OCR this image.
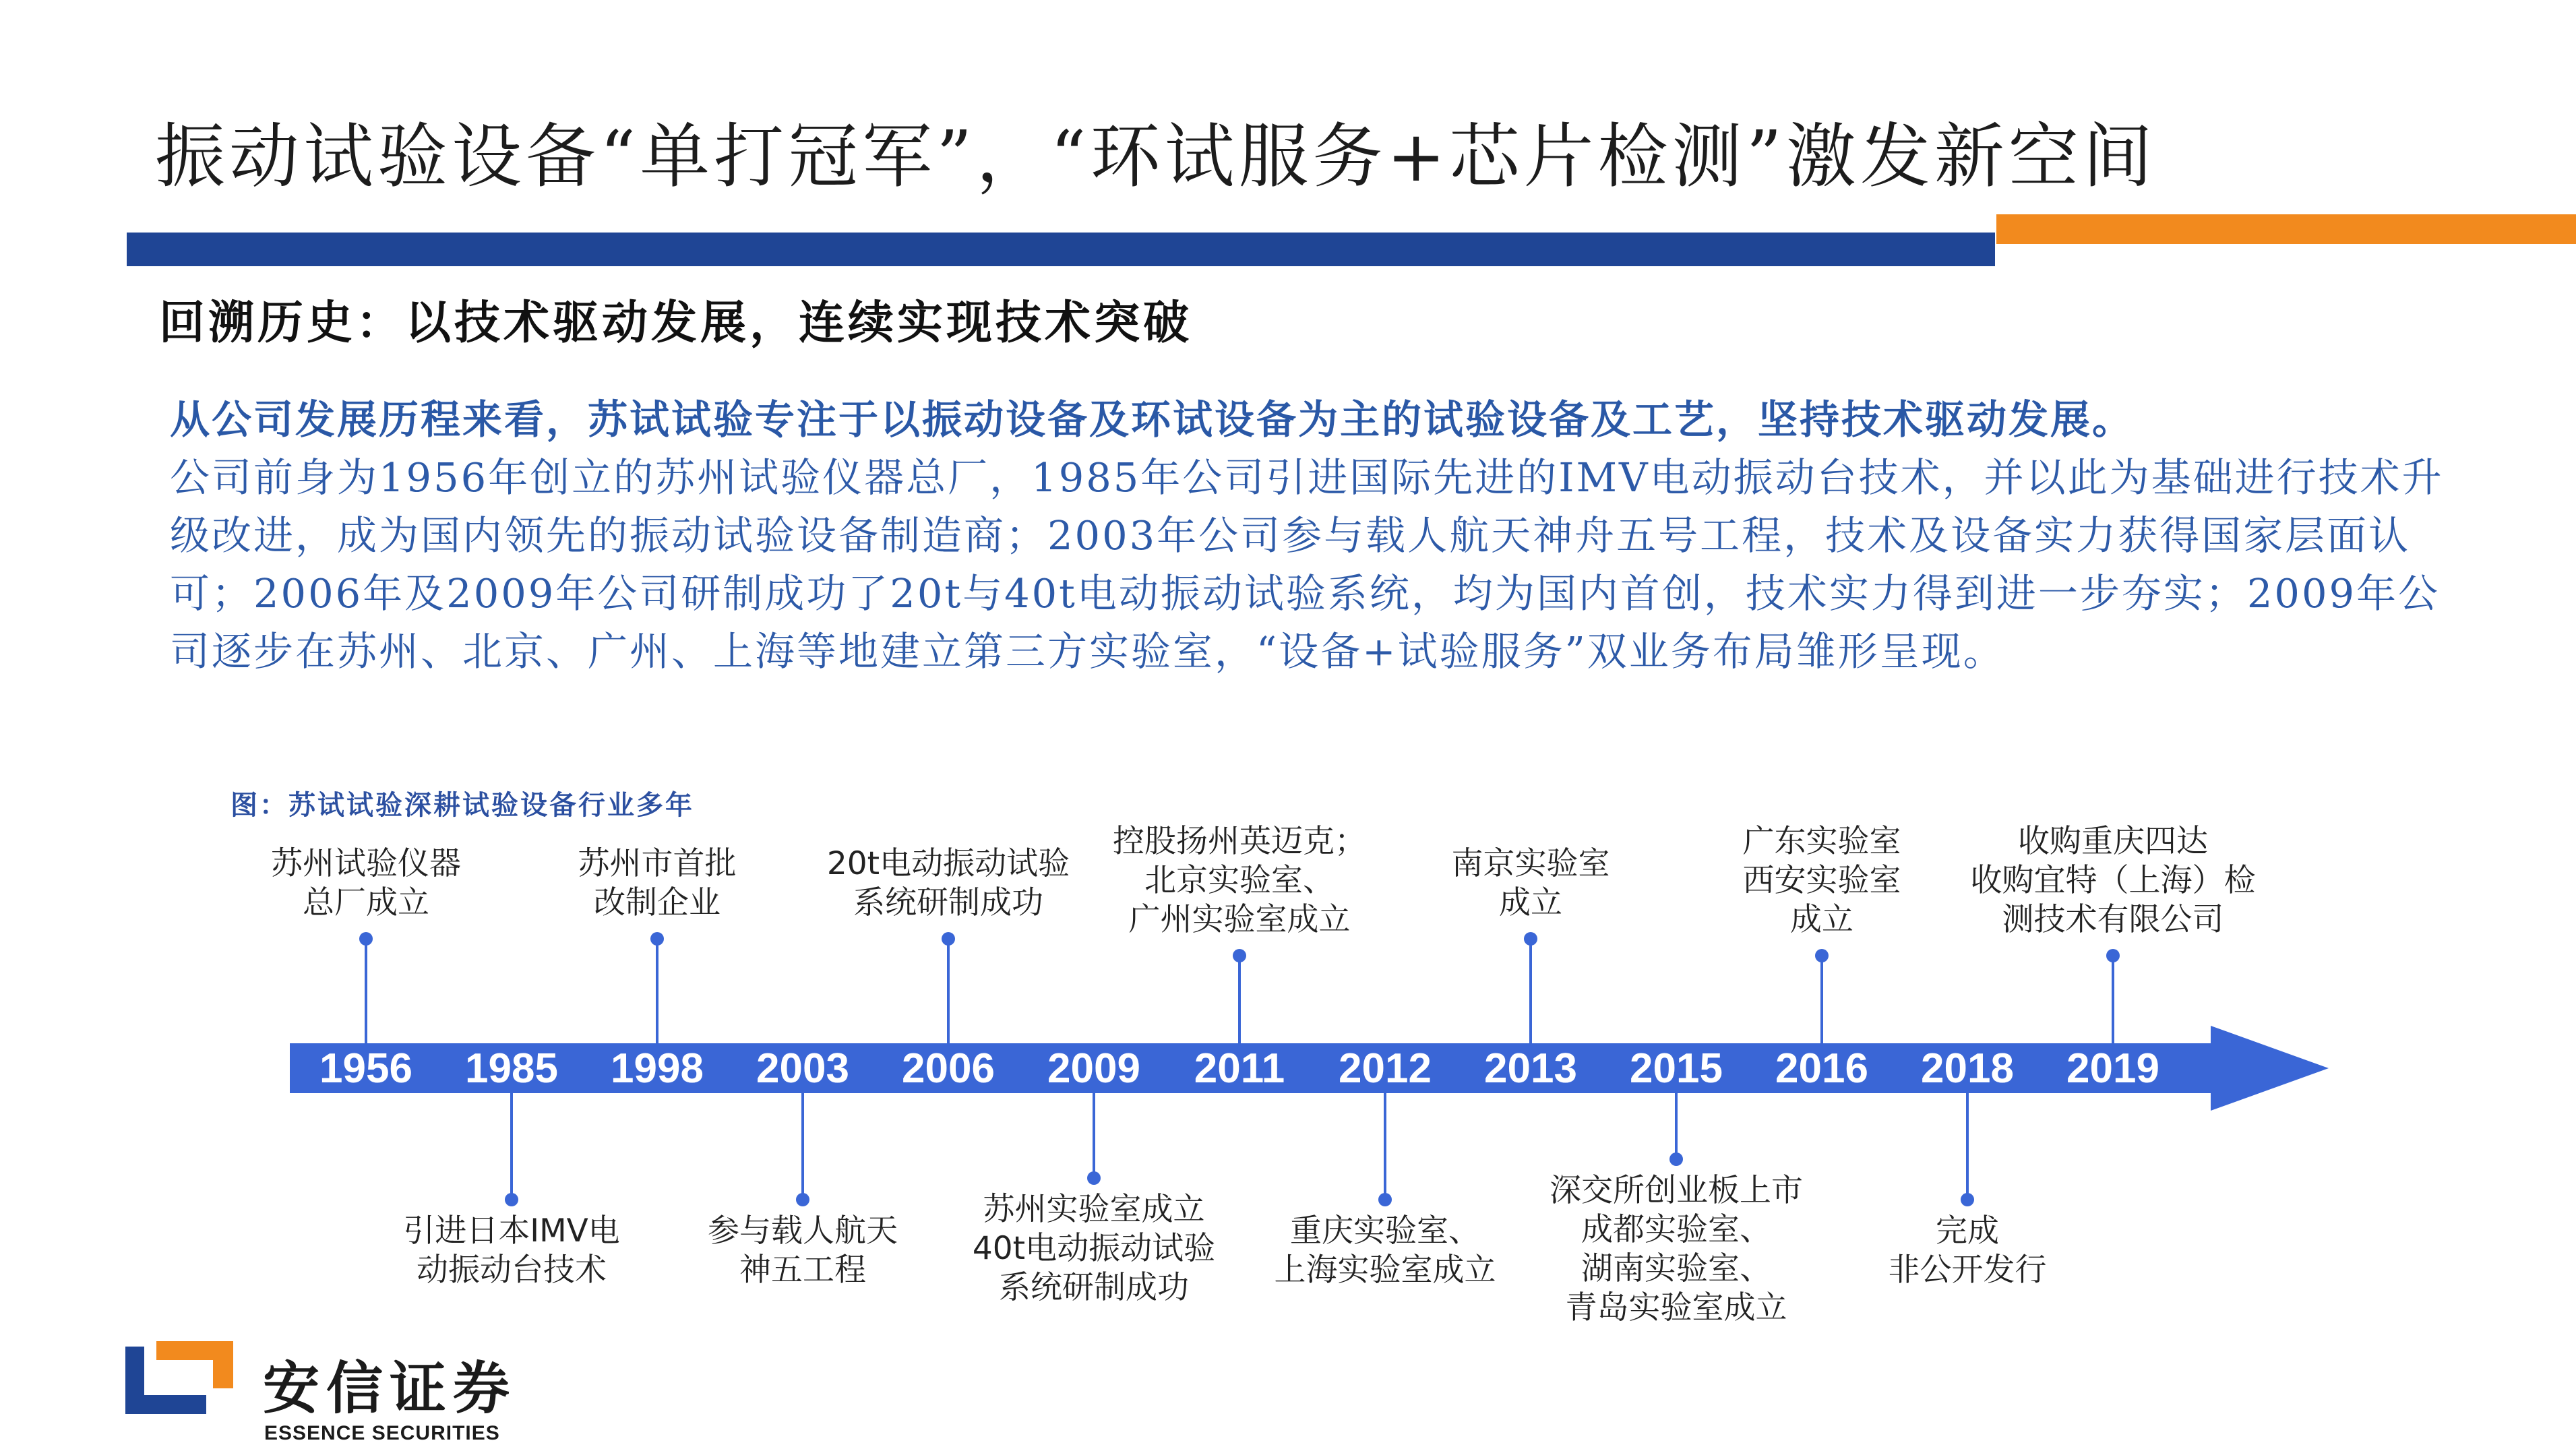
振动试验设备“单打冠军”，“环试服务+芯片检测”激发新空间
回溯历史：以技术驱动发展，连续实现技术突破
从公司发展历程来看，苏试试验专注于以振动设备及环试设备为主的试验设备及工艺，坚持技术驱动发展。
公司前身为1956年创立的苏州试验仪器总厂，1985年公司引进国际先进的IMV电动振动台技术，并以此为基础进行技术升级改进，成为国内领先的振动试验设备制造商；2003年公司参与载人航天神舟五号工程，技术及设备实力获得国家层面认可；2006年及2009年公司研制成功了20t与40t电动振动试验系统，均为国内首创，技术实力得到进一步夯实；2009年公司逐步在苏州、北京、广州、上海等地建立第三方实验室，“设备+试验服务”双业务布局雏形呈现。
图：苏试试验深耕试验设备行业多年
1956	1985	1998	2003	2006	2009	2011	2012	2013	2015	2016	2018	2019
苏州试验仪器
总厂成立
苏州市首批
改制企业
20t电动振动试验
系统研制成功
控股扬州英迈克；
北京实验室、
广州实验室成立
南京实验室
成立
广东实验室
西安实验室
成立
收购重庆四达
收购宜特（上海）检
测技术有限公司
引进日本IMV电
动振动台技术
参与载人航天
神五工程
苏州实验室成立
40t电动振动试验
系统研制成功
重庆实验室、
上海实验室成立
深交所创业板上市
成都实验室、
湖南实验室、
青岛实验室成立
完成
非公开发行
安信证券
ESSENCE SECURITIES
